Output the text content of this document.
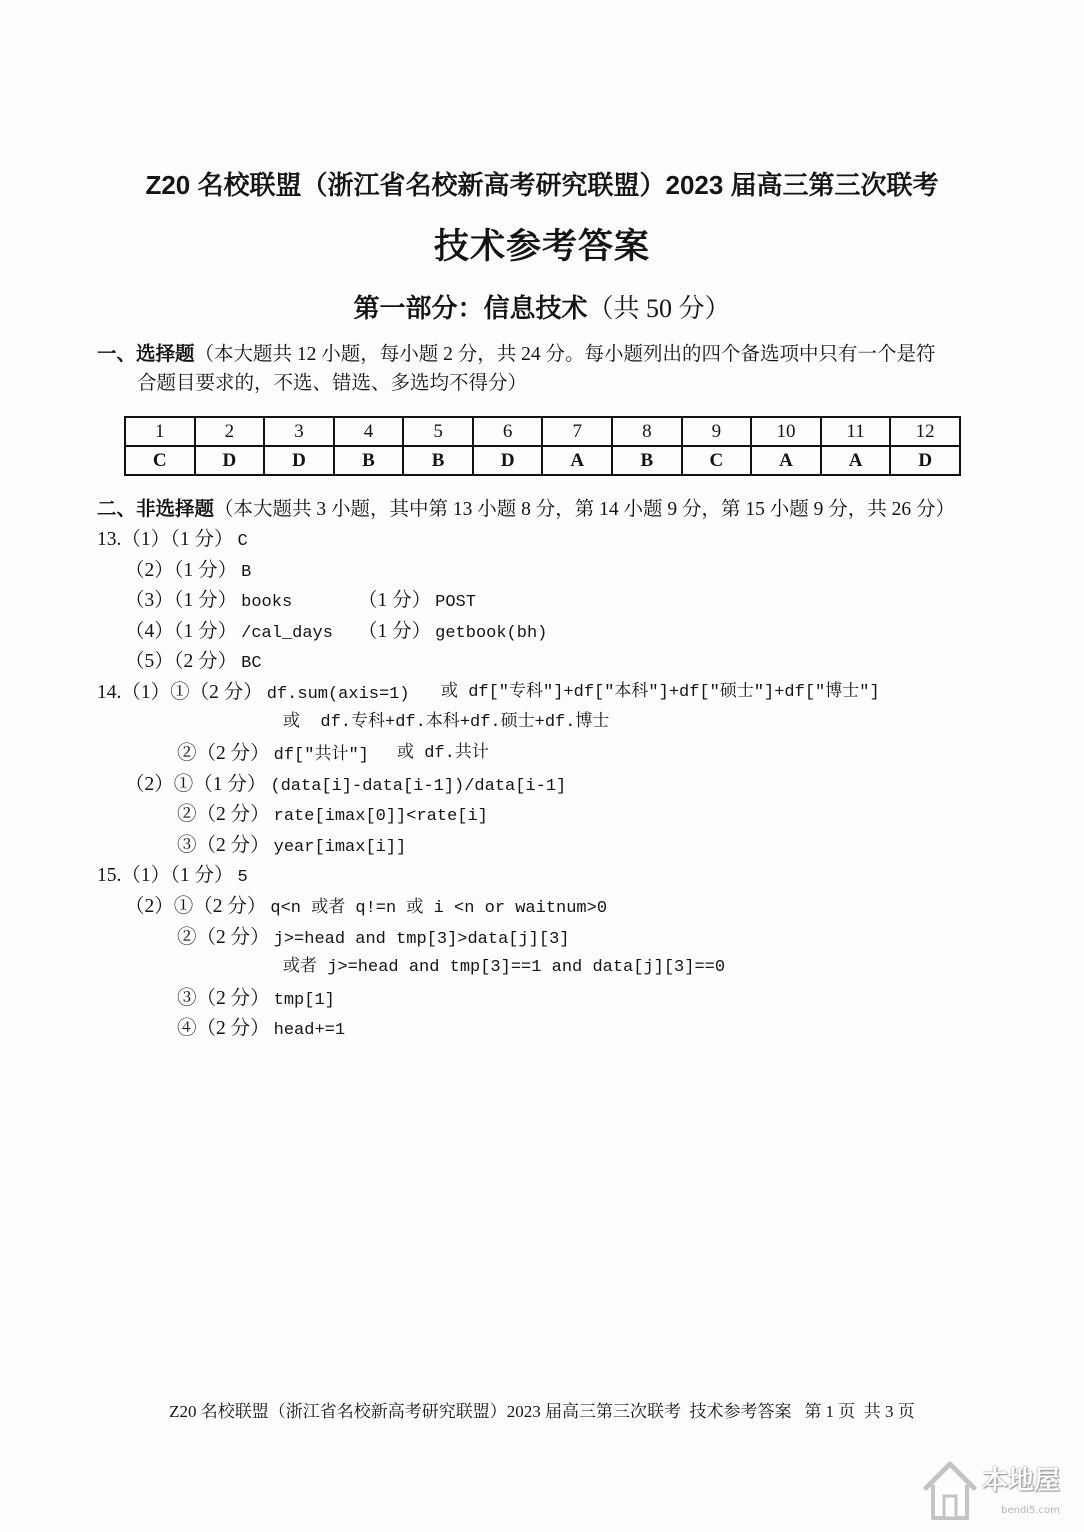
Z20 名校联盟（浙江省名校新高考研究联盟）2023 届高三第三次联考
技术参考答案
第一部分：信息技术（共 50 分）
一、选择题（本大题共 12 小题，每小题 2 分，共 24 分。每小题列出的四个备选项中只有一个是符
合题目要求的，不选、错选、多选均不得分）
1	2	3	4	5	6	7	8	9	10	11	12
C	D	D	B	B	D	A	B	C	A	A	D
二、非选择题（本大题共 3 小题，其中第 13 小题 8 分，第 14 小题 9 分，第 15 小题 9 分，共 26 分）
13.（1）（1 分） C
（2）（1 分） B
（3）（1 分） books	（1 分） POST
（4）（1 分） /cal_days （1 分） getbook(bh)
（5）（2 分） BC
14.（1）①（2 分） df.sum(axis=1) 或 df["专科"]+df["本科"]+df["硕士"]+df["博士"]
或  df.专科+df.本科+df.硕士+df.博士
②（2 分） df["共计"] 或 df.共计
（2）①（1 分） (data[i]-data[i-1])/data[i-1]
②（2 分） rate[imax[0]]<rate[i]
③（2 分） year[imax[i]]
15.（1）（1 分） 5
（2）①（2 分） q<n 或者 q!=n 或 i <n or waitnum>0
②（2 分） j>=head and tmp[3]>data[j][3]
或者 j>=head and tmp[3]==1 and data[j][3]==0
③（2 分） tmp[1]
④（2 分） head+=1
Z20 名校联盟（浙江省名校新高考研究联盟）2023 届高三第三次联考  技术参考答案 第 1 页  共 3 页
本地屋
bendi5.com
